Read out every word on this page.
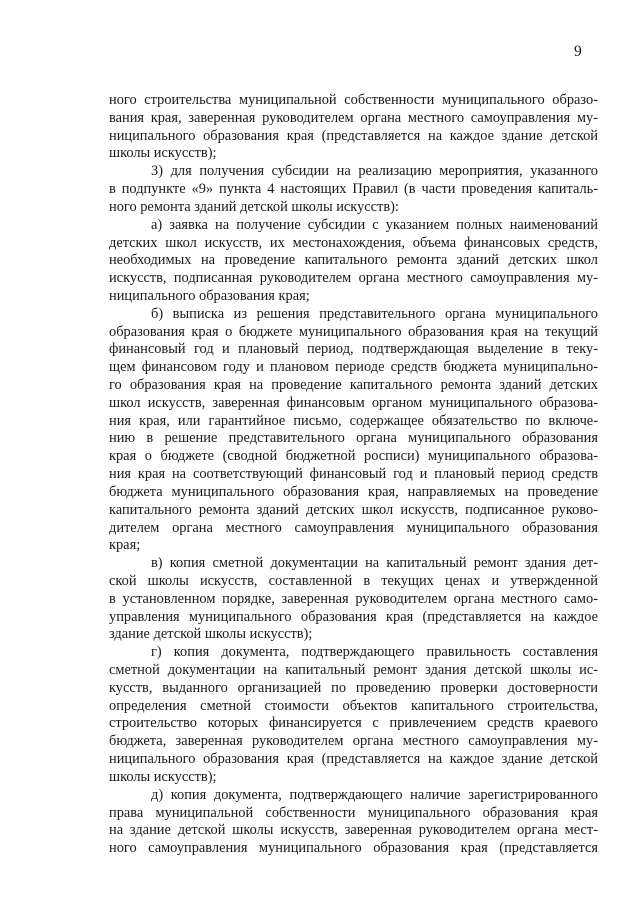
9

ного строительства муниципальной собственности муниципального образо-
вания края, заверенная руководителем органа местного самоуправления му-
ниципального образования края (представляется на каждое здание детской
школы искусств);

3) для получения субсидии на реализацию мероприятия, указанного
в подпункте «9» пункта 4 настоящих Правил (в части проведения капиталь-
ного ремонта зданий детской школы искусств):

а) заявка на получение субсидии с указанием полных наименований
детских школ искусств, их местонахождения, объема финансовых средств,
необходимых на проведение капитального ремонта зданий детских школ
искусств, подписанная руководителем органа местного самоуправления му-
ниципального образования края;

б) выписка из решения представительного органа муниципального
образования края о бюджете муниципального образования края на текущий
финансовый год и плановый период, подтверждающая выделение в теку-
щем финансовом году и плановом периоде средств бюджета муниципально-
го образования края на проведение капитального ремонта зданий детских
школ искусств, заверенная финансовым органом муниципального образова-
ния края, или гарантийное письмо, содержащее обязательство по включе-
нию в решение представительного органа муниципального образования
края о бюджете (сводной бюджетной росписи) муниципального образова-
ния края на соответствующий финансовый год и плановый период средств
бюджета муниципального образования края, направляемых на проведение
капитального ремонта зданий детских школ искусств, подписанное руково-
дителем органа местного самоуправления муниципального образования
края;

в) копия сметной документации на капитальный ремонт здания дет-
ской школы искусств, составленной в текущих ценах и утвержденной
в установленном порядке, заверенная руководителем органа местного само-
управления муниципального образования края (представляется на каждое
здание детской школы искусств);

г) копия документа, подтверждающего правильность составления
сметной документации на капитальный ремонт здания детской школы ис-
кусств, выданного организацией по проведению проверки достоверности
определения сметной стоимости объектов капитального строительства,
строительство которых финансируется с привлечением средств краевого
бюджета, заверенная руководителем органа местного самоуправления му-
ниципального образования края (представляется на каждое здание детской
школы искусств);

д) копия документа, подтверждающего наличие зарегистрированного
права муниципальной собственности муниципального образования края
на здание детской школы искусств, заверенная руководителем органа мест-
ного самоуправления муниципального образования края (представляется
